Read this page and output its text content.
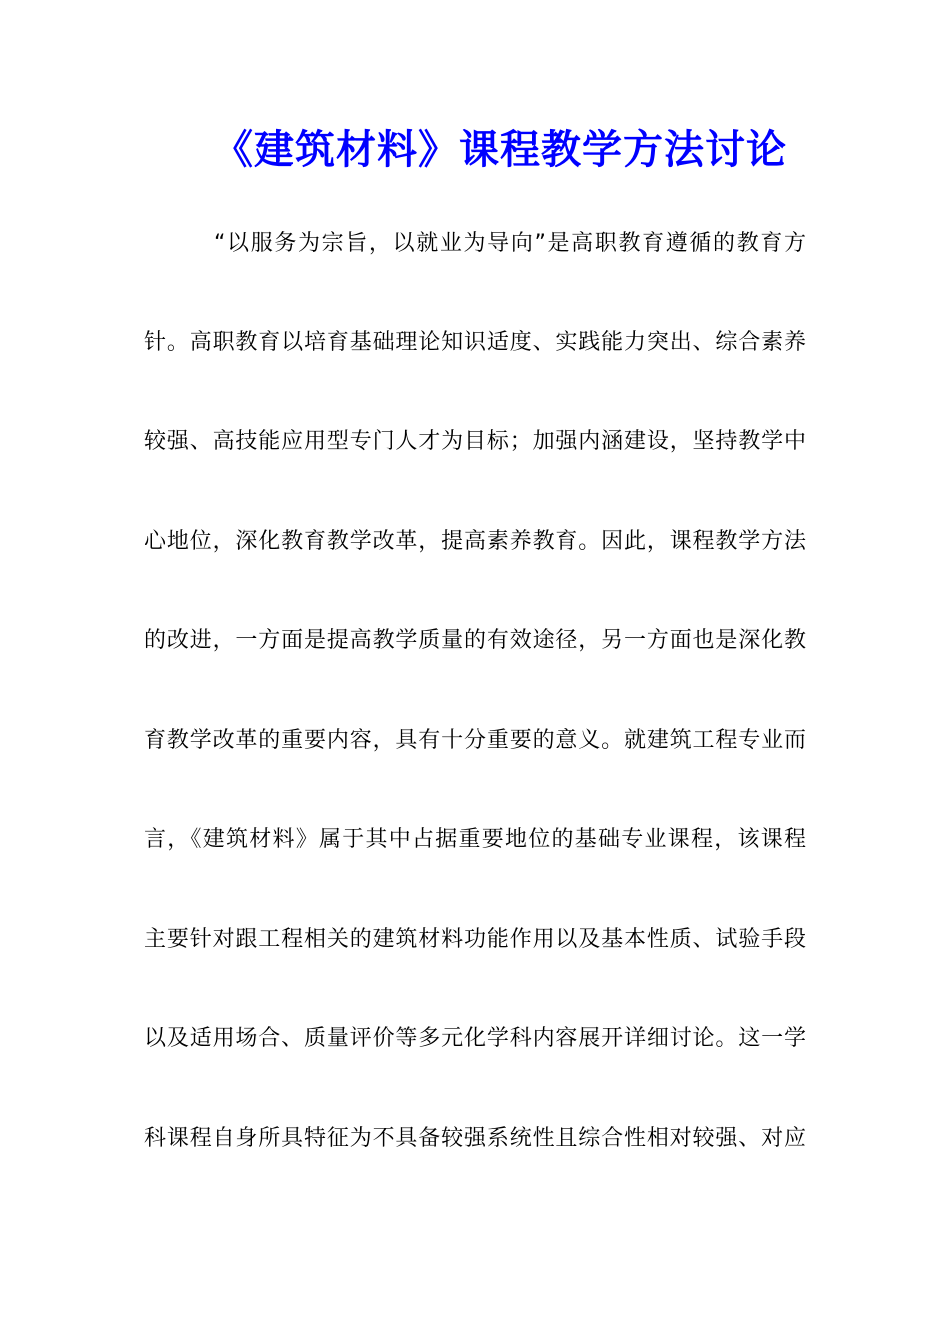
《建筑材料》课程教学方法讨论
“以服务为宗旨，以就业为导向”是高职教育遵循的教育方
针。高职教育以培育基础理论知识适度、实践能力突出、综合素养
较强、高技能应用型专门人才为目标；加强内涵建设，坚持教学中
心地位，深化教育教学改革，提高素养教育。因此，课程教学方法
的改进，一方面是提高教学质量的有效途径，另一方面也是深化教
育教学改革的重要内容，具有十分重要的意义。就建筑工程专业而
言，《建筑材料》属于其中占据重要地位的基础专业课程，该课程
主要针对跟工程相关的建筑材料功能作用以及基本性质、试验手段
以及适用场合、质量评价等多元化学科内容展开详细讨论。这一学
科课程自身所具特征为不具备较强系统性且综合性相对较强、对应
